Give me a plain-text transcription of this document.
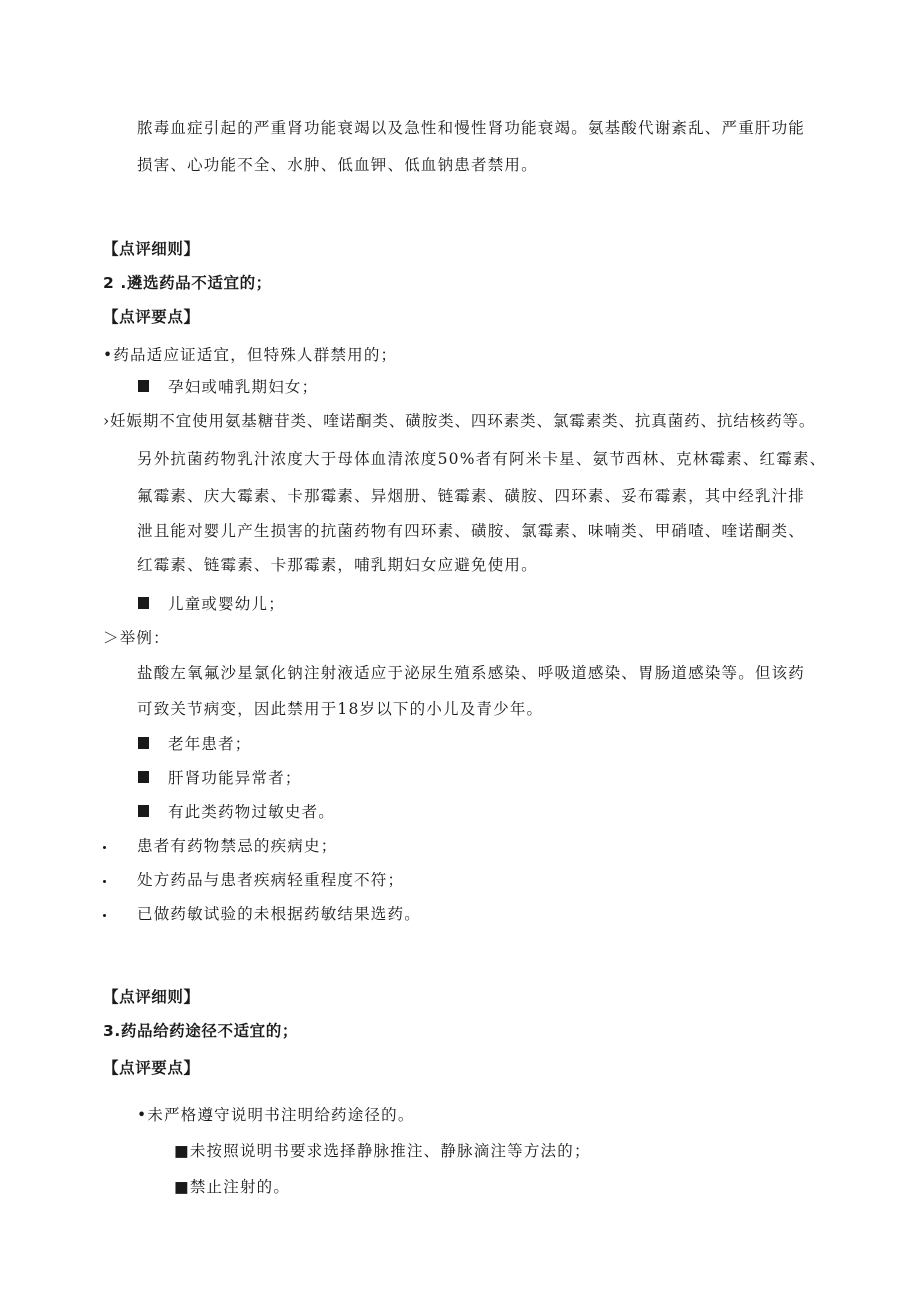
脓毒血症引起的严重肾功能衰竭以及急性和慢性肾功能衰竭。氨基酸代谢紊乱、严重肝功能
损害、心功能不全、水肿、低血钾、低血钠患者禁用。
【点评细则】
2 .遴选药品不适宜的；
【点评要点】
•药品适应证适宜，但特殊人群禁用的；
孕妇或哺乳期妇女；
›妊娠期不宜使用氨基糖苷类、喹诺酮类、磺胺类、四环素类、氯霉素类、抗真菌药、抗结核药等。
另外抗菌药物乳汁浓度大于母体血清浓度50%者有阿米卡星、氨节西林、克林霉素、红霉素、
氟霉素、庆大霉素、卡那霉素、异烟册、链霉素、磺胺、四环素、妥布霉素，其中经乳汁排
泄且能对婴儿产生损害的抗菌药物有四环素、磺胺、氯霉素、味喃类、甲硝喳、喹诺酮类、
红霉素、链霉素、卡那霉素，哺乳期妇女应避免使用。
儿童或婴幼儿；
＞举例：
盐酸左氧氟沙星氯化钠注射液适应于泌尿生殖系感染、呼吸道感染、胃肠道感染等。但该药
可致关节病变，因此禁用于18岁以下的小儿及青少年。
老年患者；
肝肾功能异常者；
有此类药物过敏史者。
患者有药物禁忌的疾病史；
处方药品与患者疾病轻重程度不符；
已做药敏试验的未根据药敏结果选药。
【点评细则】
3.药品给药途径不适宜的；
【点评要点】
•未严格遵守说明书注明给药途径的。
■未按照说明书要求选择静脉推注、静脉滴注等方法的；
■禁止注射的。
